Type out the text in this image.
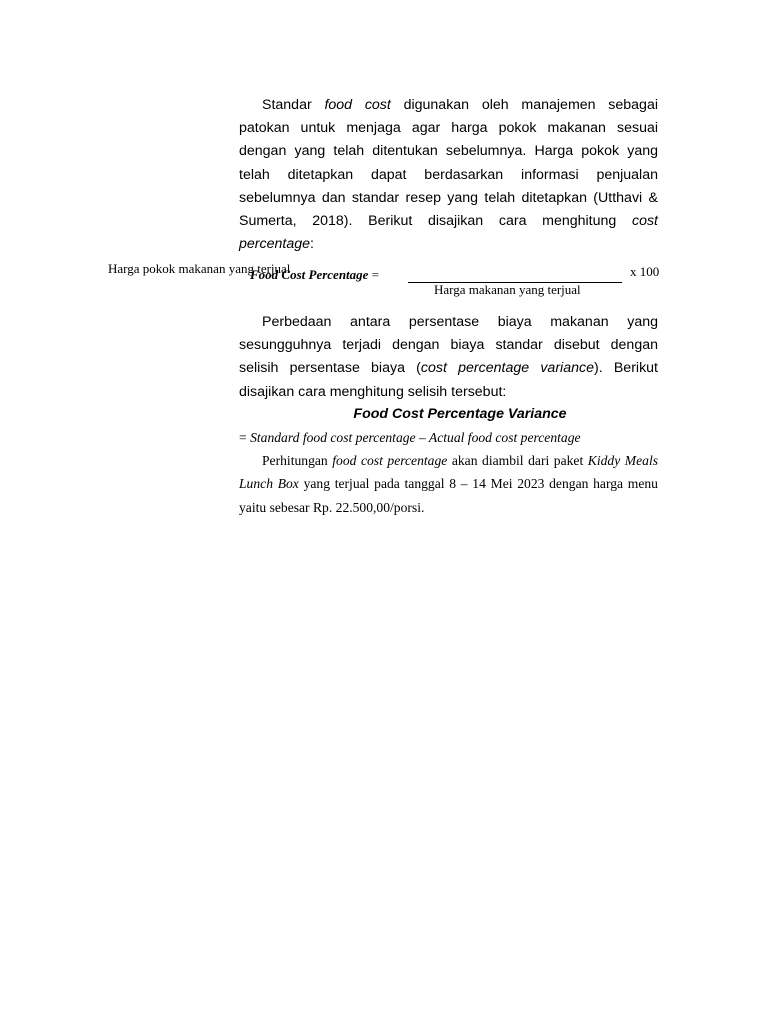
Standar food cost digunakan oleh manajemen sebagai patokan untuk menjaga agar harga pokok makanan sesuai dengan yang telah ditentukan sebelumnya. Harga pokok yang telah ditetapkan dapat berdasarkan informasi penjualan sebelumnya dan standar resep yang telah ditetapkan (Utthavi & Sumerta, 2018). Berikut disajikan cara menghitung cost percentage:
Harga pokok makanan yang terjual
Food Cost Percentage =	x 100
Harga makanan yang terjual
Perbedaan antara persentase biaya makanan yang sesungguhnya terjadi dengan biaya standar disebut dengan selisih persentase biaya (cost percentage variance). Berikut disajikan cara menghitung selisih tersebut:
Food Cost Percentage Variance
= Standard food cost percentage – Actual food cost percentage
Perhitungan food cost percentage akan diambil dari paket Kiddy Meals Lunch Box yang terjual pada tanggal 8 – 14 Mei 2023 dengan harga menu yaitu sebesar Rp. 22.500,00/porsi.
